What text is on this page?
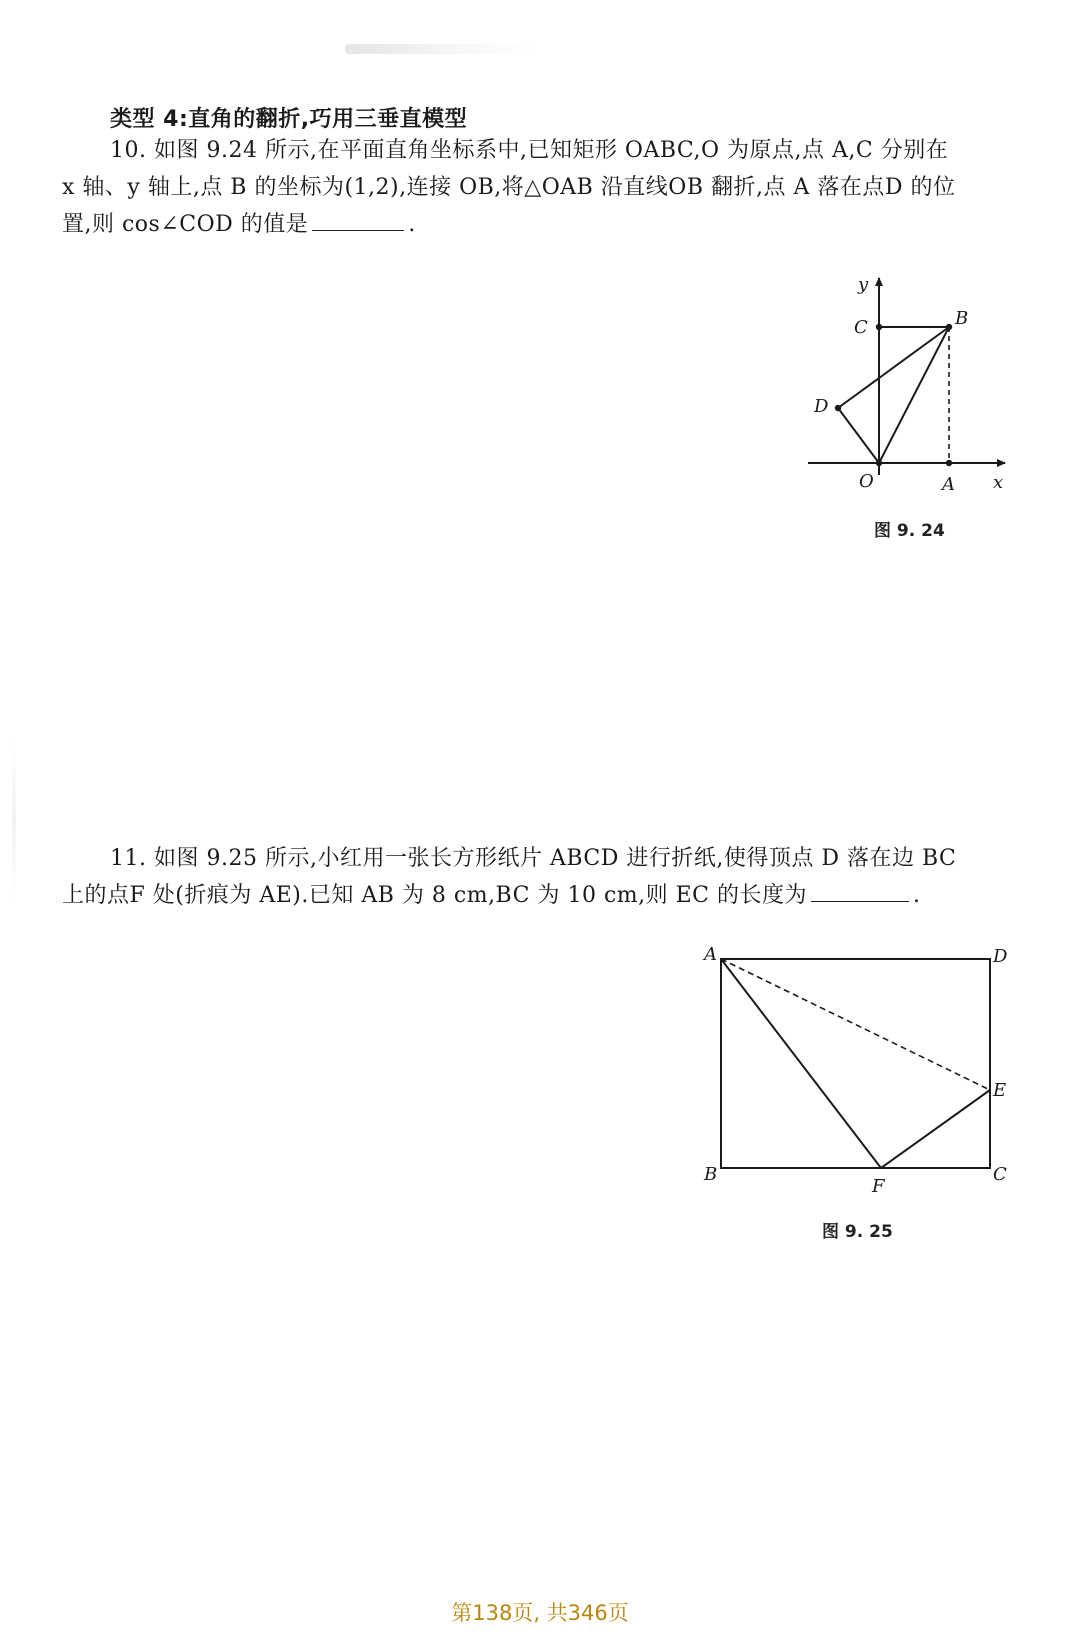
类型 4:直角的翻折,巧用三垂直模型
10. 如图 9.24 所示,在平面直角坐标系中,已知矩形 OABC,O 为原点,点 A,C 分别在
x 轴、y 轴上,点 B 的坐标为(1,2),连接 OB,将△OAB 沿直线OB 翻折,点 A 落在点D 的位
置,则 cos∠COD 的值是	.
y
x
C	B
D
O	A
A	D
E
B
F
C
图 9. 24
11. 如图 9.25 所示,小红用一张长方形纸片 ABCD 进行折纸,使得顶点 D 落在边 BC
上的点F 处(折痕为 AE).已知 AB 为 8 cm,BC 为 10 cm,则 EC 的长度为	.
图 9. 25
第138页, 共346页
